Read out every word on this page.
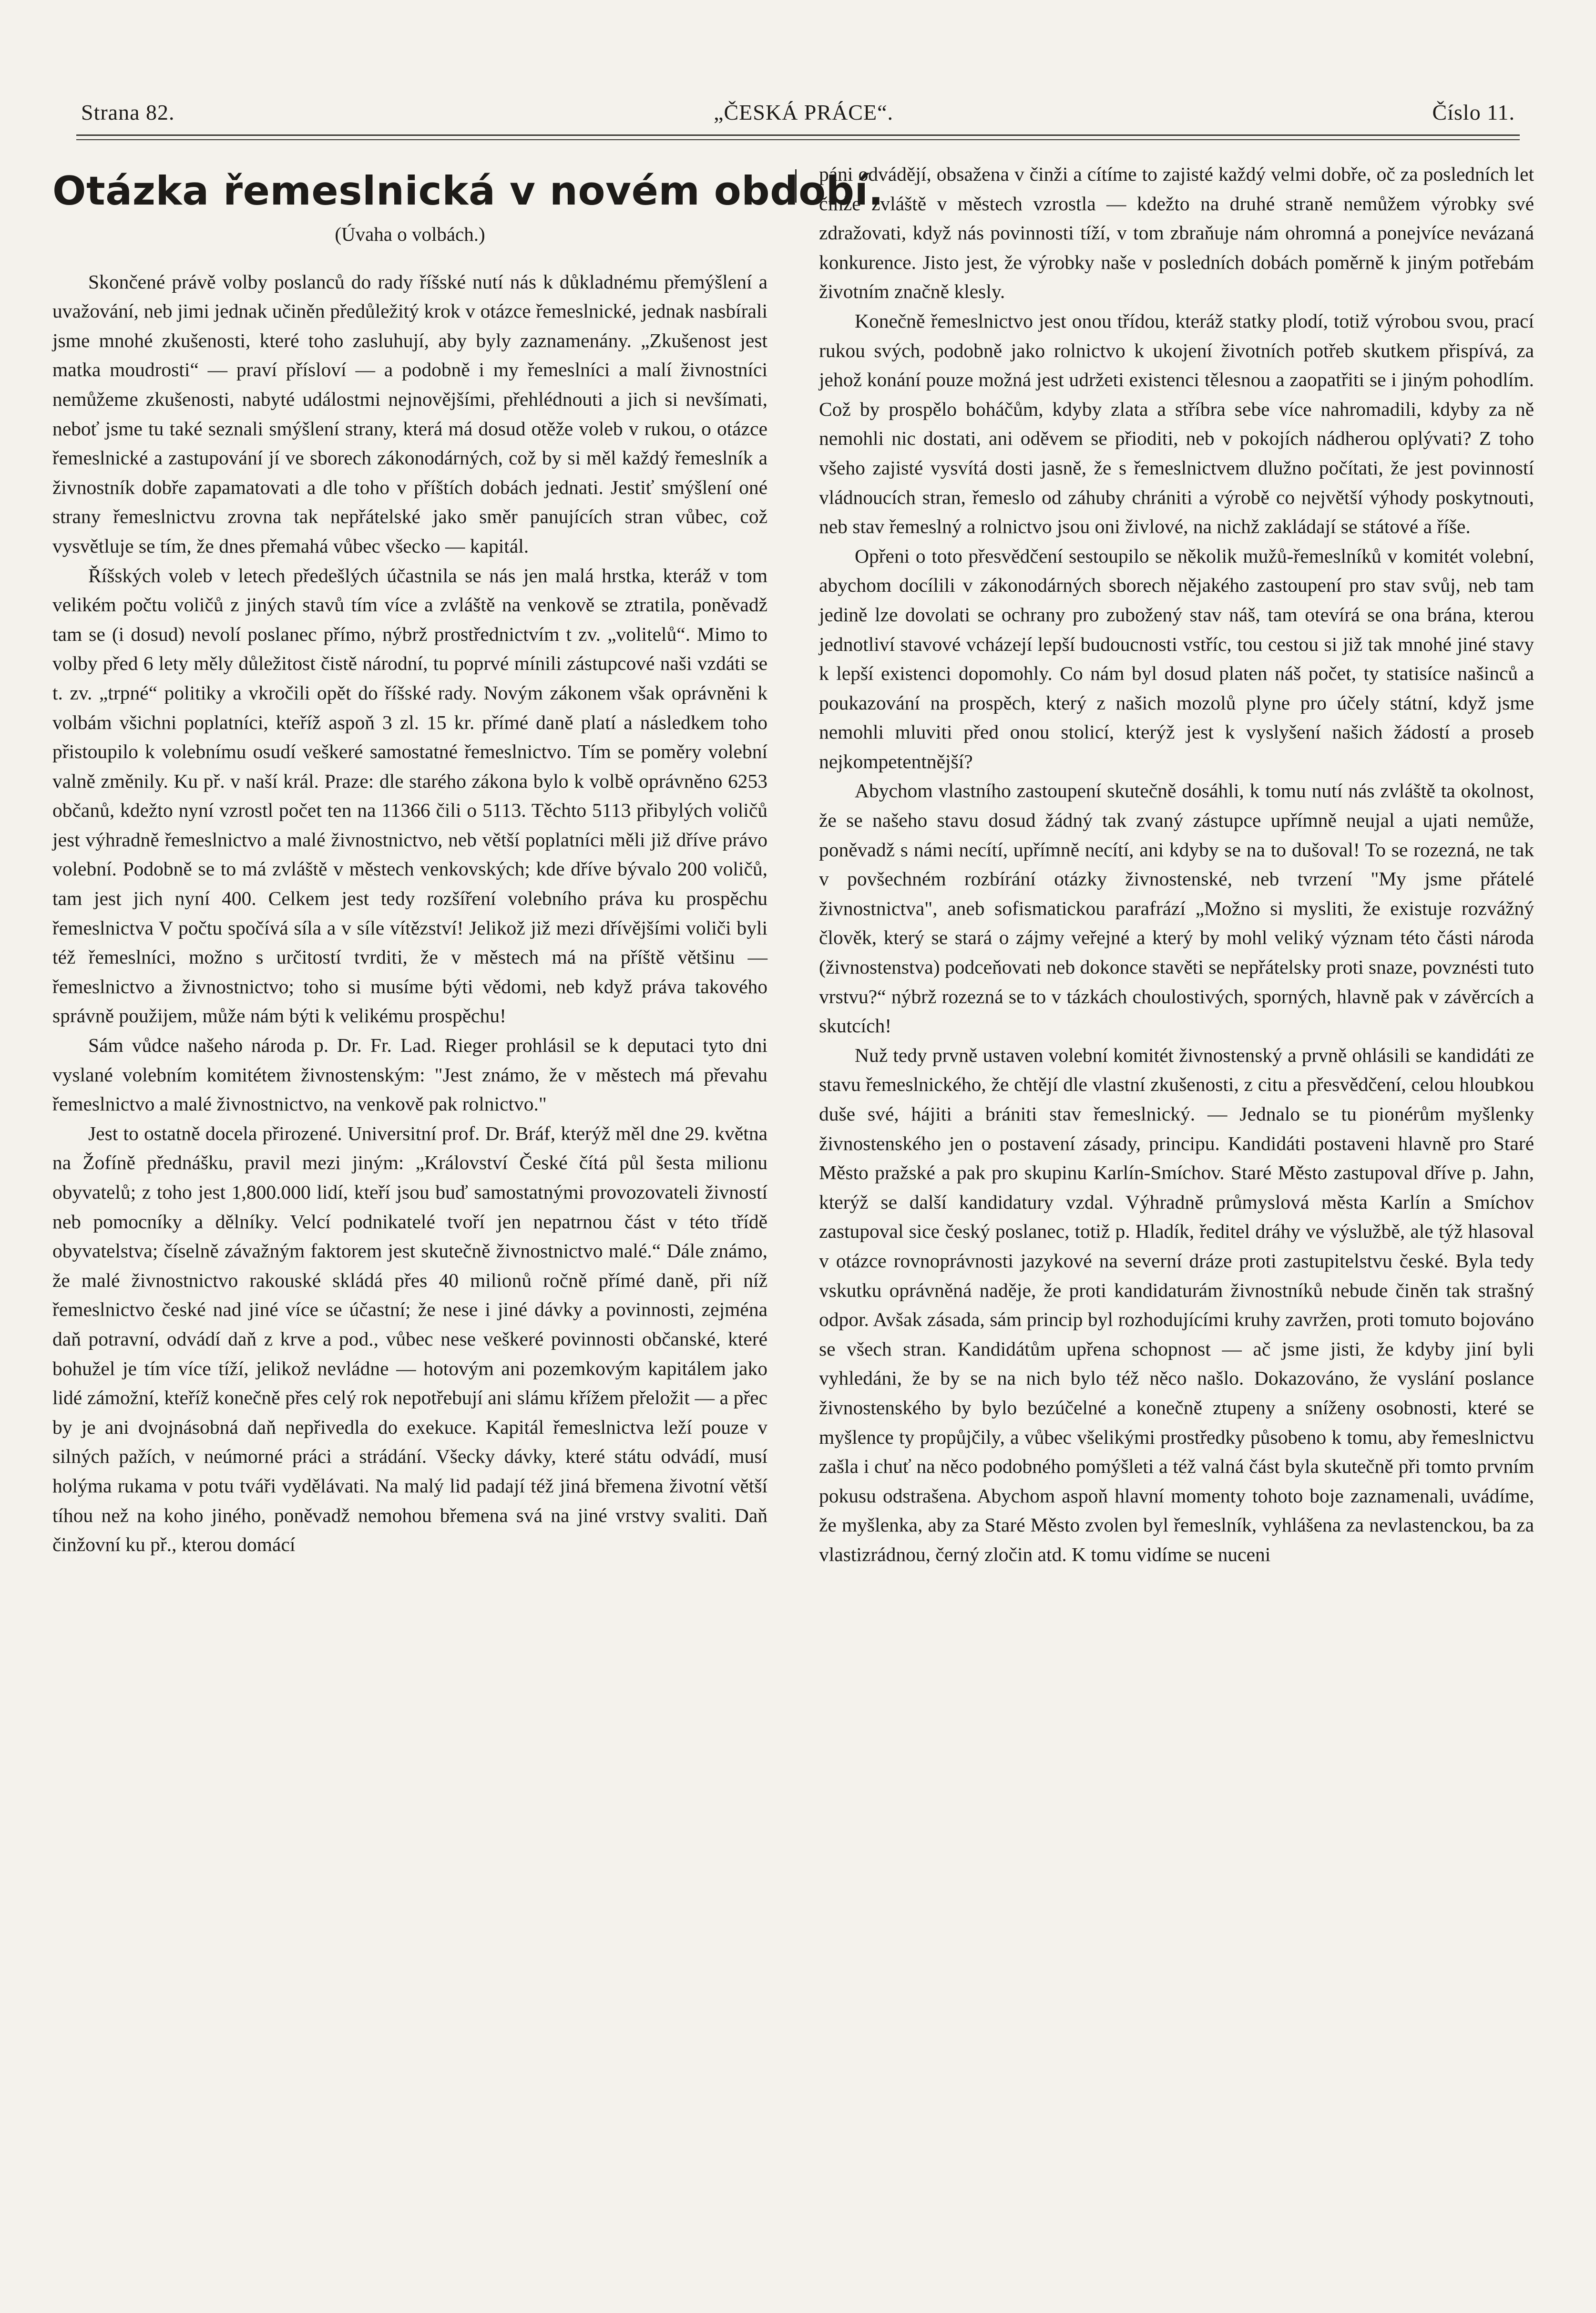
Strana 82.	„ČESKÁ PRÁCE“.	Číslo 11.
Otázka řemeslnická v novém období.
(Úvaha o volbách.)

Skončené právě volby poslanců do rady říšské nutí nás k důkladnému přemýšlení a uvažování, neb jimi jednak učiněn předůležitý krok v otázce řemeslnické, jednak nasbírali jsme mnohé zkušenosti, které toho zasluhují, aby byly zaznamenány. „Zkušenost jest matka moudrosti“ — praví přísloví — a podobně i my řemeslníci a malí živnostníci nemůžeme zkušenosti, nabyté událostmi nejnovějšími, přehlédnouti a jich si nevšímati, neboť jsme tu také seznali smýšlení strany, která má dosud otěže voleb v rukou, o otázce řemeslnické a zastupování jí ve sborech zákonodárných, což by si měl každý řemeslník a živnostník dobře zapamatovati a dle toho v příštích dobách jednati. Jestiť smýšlení oné strany řemeslnictvu zrovna tak nepřátelské jako směr panujících stran vůbec, což vysvětluje se tím, že dnes přemahá vůbec všecko — kapitál.

Říšských voleb v letech předešlých účastnila se nás jen malá hrstka, kteráž v tom velikém počtu voličů z jiných stavů tím více a zvláště na venkově se ztratila, poněvadž tam se (i dosud) nevolí poslanec přímo, nýbrž prostřednictvím t zv. „volitelů“. Mimo to volby před 6 lety měly důležitost čistě národní, tu poprvé mínili zástupcové naši vzdáti se t. zv. „trpné“ politiky a vkročili opět do říšské rady. Novým zákonem však oprávněni k volbám všichni poplatníci, kteříž aspoň 3 zl. 15 kr. přímé daně platí a následkem toho přistoupilo k volebnímu osudí veškeré samostatné řemeslnictvo. Tím se poměry volební valně změnily. Ku př. v naší král. Praze: dle starého zákona bylo k volbě oprávněno 6253 občanů, kdežto nyní vzrostl počet ten na 11366 čili o 5113. Těchto 5113 přibylých voličů jest výhradně řemeslnictvo a malé živnostnictvo, neb větší poplatníci měli již dříve právo volební. Podobně se to má zvláště v městech venkovských; kde dříve bývalo 200 voličů, tam jest jich nyní 400. Celkem jest tedy rozšíření volebního práva ku prospěchu řemeslnictva V počtu spočívá síla a v síle vítězství! Jelikož již mezi dřívějšími voliči byli též řemeslníci, možno s určitostí tvrditi, že v městech má na příště většinu — řemeslnictvo a živnostnictvo; toho si musíme býti vědomi, neb když práva takového správně použijem, může nám býti k velikému prospěchu!

Sám vůdce našeho národa p. Dr. Fr. Lad. Rieger prohlásil se k deputaci tyto dni vyslané volebním komitétem živnostenským: "Jest známo, že v městech má převahu řemeslnictvo a malé živnostnictvo, na venkově pak rolnictvo."

Jest to ostatně docela přirozené. Universitní prof. Dr. Bráf, kterýž měl dne 29. května na Žofíně přednášku, pravil mezi jiným: „Království České čítá půl šesta milionu obyvatelů; z toho jest 1,800.000 lidí, kteří jsou buď samostatnými provozovateli živností neb pomocníky a dělníky. Velcí podnikatelé tvoří jen nepatrnou část v této třídě obyvatelstva; číselně závažným faktorem jest skutečně živnostnictvo malé.“ Dále známo, že malé živnostnictvo rakouské skládá přes 40 milionů ročně přímé daně, při níž řemeslnictvo české nad jiné více se účastní; že nese i jiné dávky a povinnosti, zejména daň potravní, odvádí daň z krve a pod., vůbec nese veškeré povinnosti občanské, které bohužel je tím více tíží, jelikož nevládne — hotovým ani pozemkovým kapitálem jako lidé zámožní, kteříž konečně přes celý rok nepotřebují ani slámu křížem přeložit — a přec by je ani dvojnásobná daň nepřivedla do exekuce. Kapitál řemeslnictva leží pouze v silných pažích, v neúmorné práci a strádání. Všecky dávky, které státu odvádí, musí holýma rukama v potu tváři vydělávati. Na malý lid padají též jiná břemena životní větší tíhou než na koho jiného, poněvadž nemohou břemena svá na jiné vrstvy svaliti. Daň činžovní ku př., kterou domácí

páni odvádějí, obsažena v činži a cítíme to zajisté každý velmi dobře, oč za posledních let činže zvláště v městech vzrostla — kdežto na druhé straně nemůžem výrobky své zdražovati, když nás povinnosti tíží, v tom zbraňuje nám ohromná a ponejvíce nevázaná konkurence. Jisto jest, že výrobky naše v posledních dobách poměrně k jiným potřebám životním značně klesly.

Konečně řemeslnictvo jest onou třídou, kteráž statky plodí, totiž výrobou svou, prací rukou svých, podobně jako rolnictvo k ukojení životních potřeb skutkem přispívá, za jehož konání pouze možná jest udržeti existenci tělesnou a zaopatřiti se i jiným pohodlím. Což by prospělo boháčům, kdyby zlata a stříbra sebe více nahromadili, kdyby za ně nemohli nic dostati, ani oděvem se přioditi, neb v pokojích nádherou oplývati? Z toho všeho zajisté vysvítá dosti jasně, že s řemeslnictvem dlužno počítati, že jest povinností vládnoucích stran, řemeslo od záhuby chrániti a výrobě co největší výhody poskytnouti, neb stav řemeslný a rolnictvo jsou oni živlové, na nichž zakládají se státové a říše.

Opřeni o toto přesvědčení sestoupilo se několik mužů-řemeslníků v komitét volební, abychom docílili v zákonodárných sborech nějakého zastoupení pro stav svůj, neb tam jedině lze dovolati se ochrany pro zubožený stav náš, tam otevírá se ona brána, kterou jednotliví stavové vcházejí lepší budoucnosti vstříc, tou cestou si již tak mnohé jiné stavy k lepší existenci dopomohly. Co nám byl dosud platen náš počet, ty statisíce našinců a poukazování na prospěch, který z našich mozolů plyne pro účely státní, když jsme nemohli mluviti před onou stolicí, kterýž jest k vyslyšení našich žádostí a proseb nejkompetentnější?

Abychom vlastního zastoupení skutečně dosáhli, k tomu nutí nás zvláště ta okolnost, že se našeho stavu dosud žádný tak zvaný zástupce upřímně neujal a ujati nemůže, poněvadž s námi necítí, upřímně necítí, ani kdyby se na to dušoval! To se rozezná, ne tak v povšechném rozbírání otázky živnostenské, neb tvrzení "My jsme přátelé živnostnictva", aneb sofismatickou parafrází „Možno si mysliti, že existuje rozvážný člověk, který se stará o zájmy veřejné a který by mohl veliký význam této části národa (živnostenstva) podceňovati neb dokonce stavěti se nepřátelsky proti snaze, povznésti tuto vrstvu?“ nýbrž rozezná se to v tázkách choulostivých, sporných, hlavně pak v závěrcích a skutcích!

Nuž tedy prvně ustaven volební komitét živnostenský a prvně ohlásili se kandidáti ze stavu řemeslnického, že chtějí dle vlastní zkušenosti, z citu a přesvědčení, celou hloubkou duše své, hájiti a brániti stav řemeslnický. — Jednalo se tu pionérům myšlenky živnostenského jen o postavení zásady, principu. Kandidáti postaveni hlavně pro Staré Město pražské a pak pro skupinu Karlín-Smíchov. Staré Město zastupoval dříve p. Jahn, kterýž se další kandidatury vzdal. Výhradně průmyslová města Karlín a Smíchov zastupoval sice český poslanec, totiž p. Hladík, ředitel dráhy ve výslužbě, ale týž hlasoval v otázce rovnoprávnosti jazykové na severní dráze proti zastupitelstvu české. Byla tedy vskutku oprávněná naděje, že proti kandidaturám živnostníků nebude činěn tak strašný odpor. Avšak zásada, sám princip byl rozhodujícími kruhy zavržen, proti tomuto bojováno se všech stran. Kandidátům upřena schopnost — ač jsme jisti, že kdyby jiní byli vyhledáni, že by se na nich bylo též něco našlo. Dokazováno, že vyslání poslance živnostenského by bylo bezúčelné a konečně ztupeny a sníženy osobnosti, které se myšlence ty propůjčily, a vůbec všelikými prostředky působeno k tomu, aby řemeslnictvu zašla i chuť na něco podobného pomýšleti a též valná část byla skutečně při tomto prvním pokusu odstrašena. Abychom aspoň hlavní momenty tohoto boje zaznamenali, uvádíme, že myšlenka, aby za Staré Město zvolen byl řemeslník, vyhlášena za nevlastenckou, ba za vlastizrádnou, černý zločin atd. K tomu vidíme se nuceni
